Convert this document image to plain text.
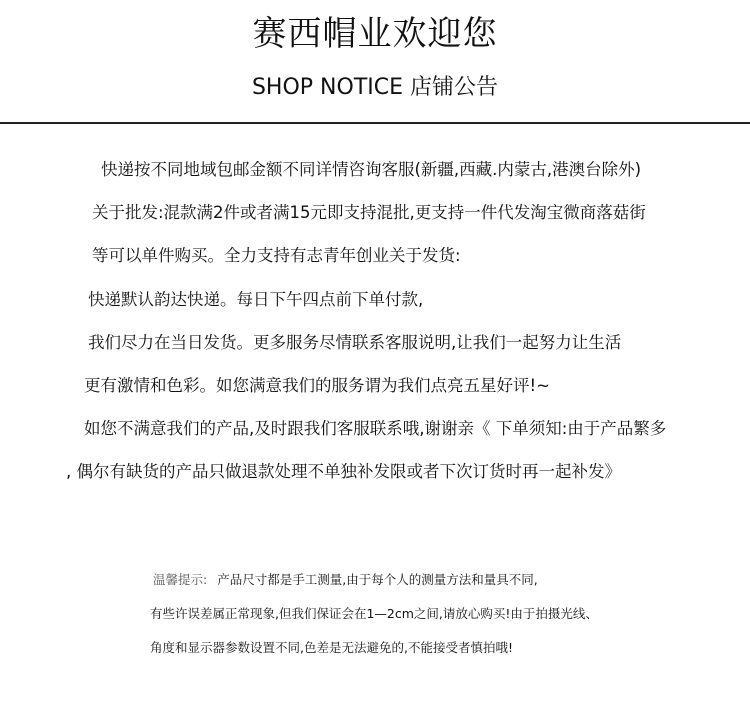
赛西帽业欢迎您
SHOP NOTICE 店铺公告
快递按不同地域包邮金额不同详情咨询客服(新疆,西藏.内蒙古,港澳台除外)
关于批发:混款满2件或者满15元即支持混批,更支持一件代发淘宝微商落菇街
等可以单件购买。全力支持有志青年创业关于发货:
快递默认韵达快递。每日下午四点前下单付款,
我们尽力在当日发货。更多服务尽情联系客服说明,让我们一起努力让生活
更有激情和色彩。如您满意我们的服务谓为我们点亮五星好评!~
如您不满意我们的产品,及时跟我们客服联系哦,谢谢亲《 下单须知:由于产品繁多
, 偶尔有缺货的产品只做退款处理不单独补发限或者下次订货时再一起补发》
温馨提示: 产品尺寸都是手工测量,由于每个人的测量方法和量具不同,
有些许误差属正常现象,但我们保证会在1—2cm之间,请放心购买!由于拍摄光线、
角度和显示器参数设置不同,色差是无法避免的,不能接受者慎拍哦!
